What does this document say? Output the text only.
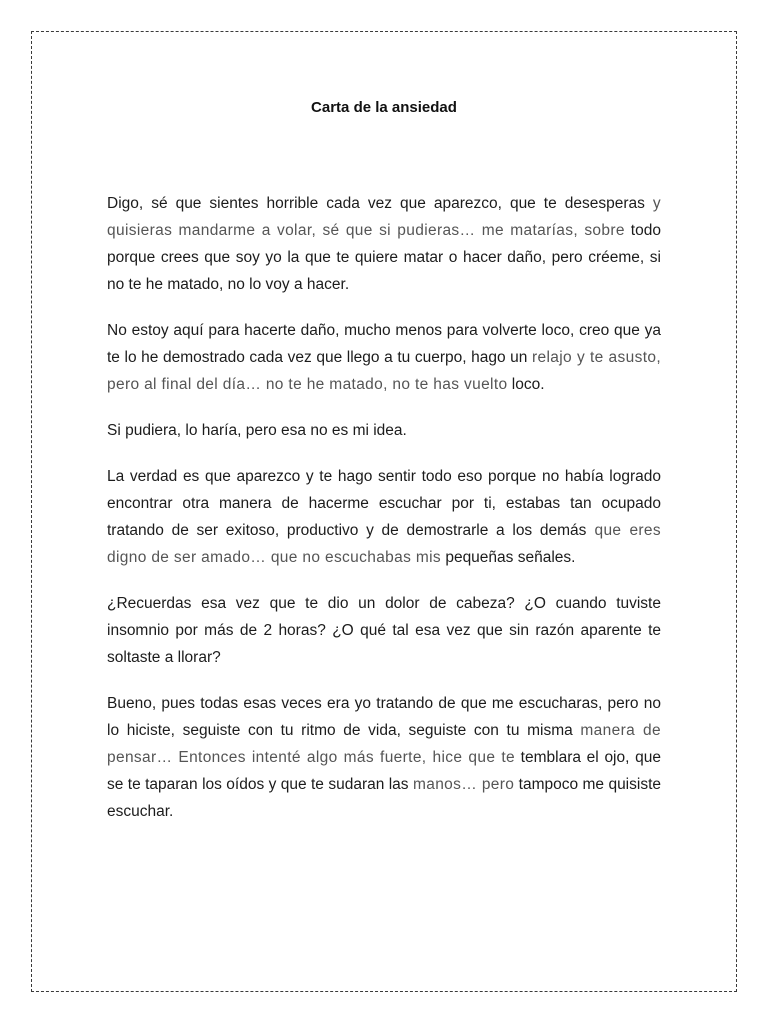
Carta de la ansiedad

Digo, sé que sientes horrible cada vez que aparezco, que te desesperas y quisieras mandarme a volar, sé que si pudieras… me matarías, sobre todo porque crees que soy yo la que te quiere matar o hacer daño, pero créeme, si no te he matado, no lo voy a hacer.

No estoy aquí para hacerte daño, mucho menos para volverte loco, creo que ya te lo he demostrado cada vez que llego a tu cuerpo, hago un relajo y te asusto, pero al final del día… no te he matado, no te has vuelto loco.

Si pudiera, lo haría, pero esa no es mi idea.

La verdad es que aparezco y te hago sentir todo eso porque no había logrado encontrar otra manera de hacerme escuchar por ti, estabas tan ocupado tratando de ser exitoso, productivo y de demostrarle a los demás que eres digno de ser amado… que no escuchabas mis pequeñas señales.

¿Recuerdas esa vez que te dio un dolor de cabeza? ¿O cuando tuviste insomnio por más de 2 horas? ¿O qué tal esa vez que sin razón aparente te soltaste a llorar?

Bueno, pues todas esas veces era yo tratando de que me escucharas, pero no lo hiciste, seguiste con tu ritmo de vida, seguiste con tu misma manera de pensar… Entonces intenté algo más fuerte, hice que te temblara el ojo, que se te taparan los oídos y que te sudaran las manos… pero tampoco me quisiste escuchar.
